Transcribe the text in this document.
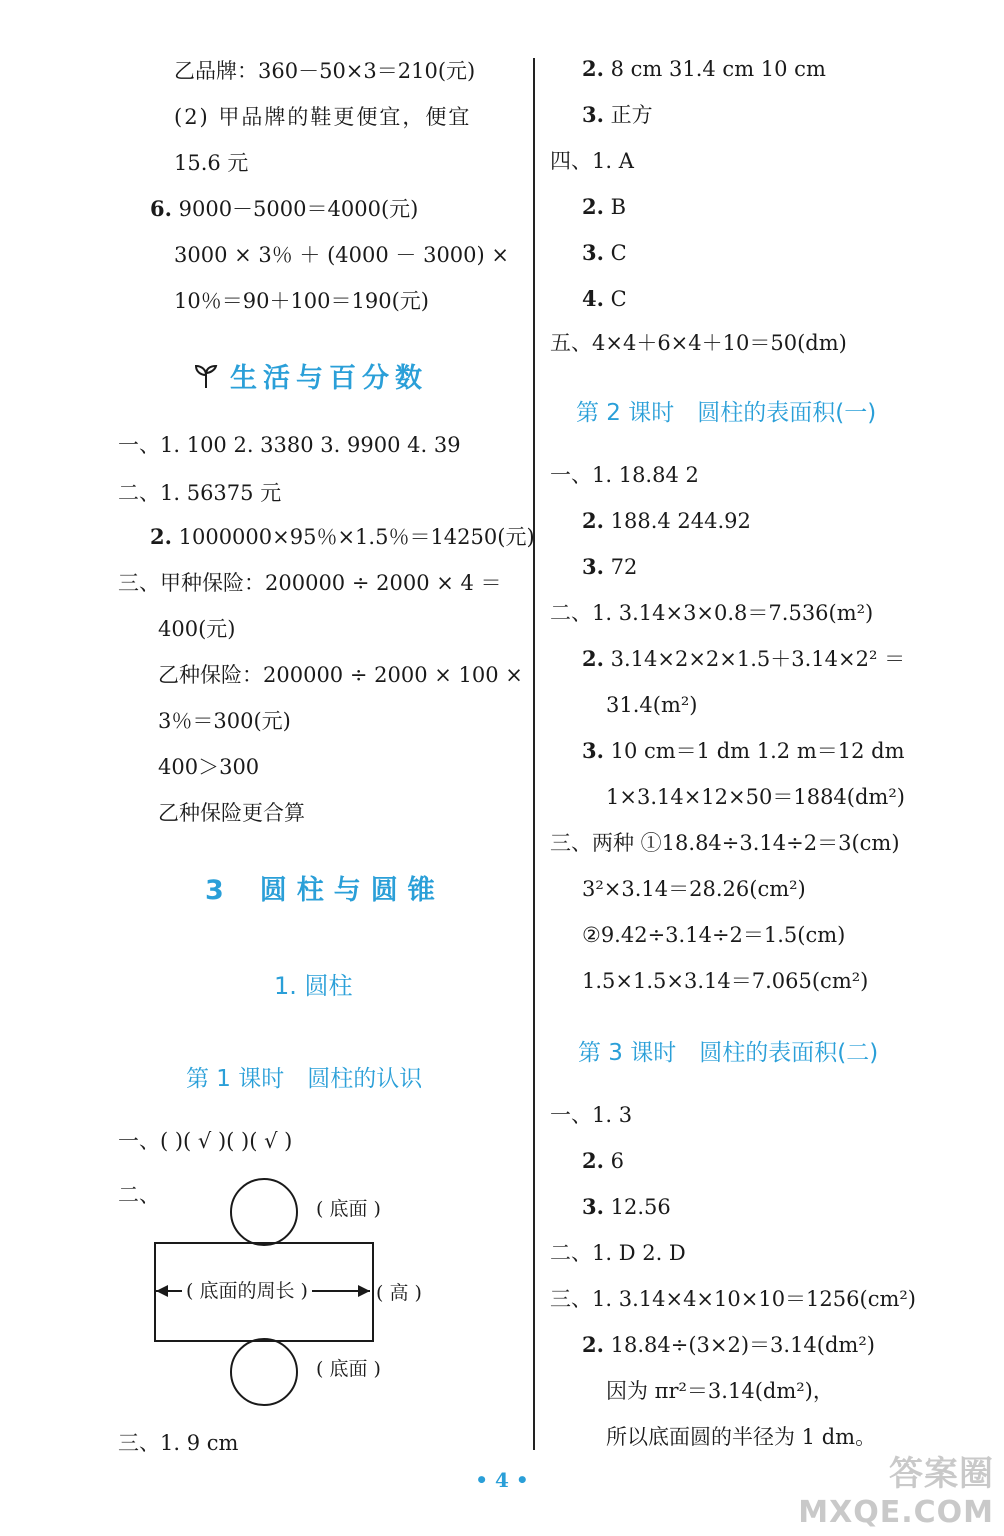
乙品牌：360－50×3＝210(元)
(2) 甲品牌的鞋更便宜，便宜
15.6 元
6. 9000－5000＝4000(元)
3000 × 3％ ＋ (4000 － 3000) ×
10％＝90＋100＝190(元)
生活与百分数
一、1. 100 2. 3380 3. 9900 4. 39
二、1. 56375 元
2. 1000000×95％×1.5％＝14250(元)
三、甲种保险：200000 ÷ 2000 × 4 ＝
400(元)
乙种保险：200000 ÷ 2000 × 100 ×
3％＝300(元)
400＞300
乙种保险更合算
3 圆柱与圆锥
1. 圆柱
第 1 课时　圆柱的认识
一、( )( √ )( )( √ )
二、
( 底面 )
( 底面的周长 )	( 高 )
( 底面 )
三、1. 9 cm
2. 8 cm 31.4 cm 10 cm
3. 正方
四、1. A
2. B
3. C
4. C
五、4×4＋6×4＋10＝50(dm)
第 2 课时　圆柱的表面积(一)
一、1. 18.84 2
2. 188.4 244.92
3. 72
二、1. 3.14×3×0.8＝7.536(m²)
2. 3.14×2×2×1.5＋3.14×2² ＝
31.4(m²)
3. 10 cm＝1 dm 1.2 m＝12 dm
1×3.14×12×50＝1884(dm²)
三、两种 ①18.84÷3.14÷2＝3(cm)
3²×3.14＝28.26(cm²)
②9.42÷3.14÷2＝1.5(cm)
1.5×1.5×3.14＝7.065(cm²)
第 3 课时　圆柱的表面积(二)
一、1. 3
2. 6
3. 12.56
二、1. D 2. D
三、1. 3.14×4×10×10＝1256(cm²)
2. 18.84÷(3×2)＝3.14(dm²)
因为 πr²＝3.14(dm²)，
所以底面圆的半径为 1 dm。
• 4 •	答案圈
MXQE.COM
